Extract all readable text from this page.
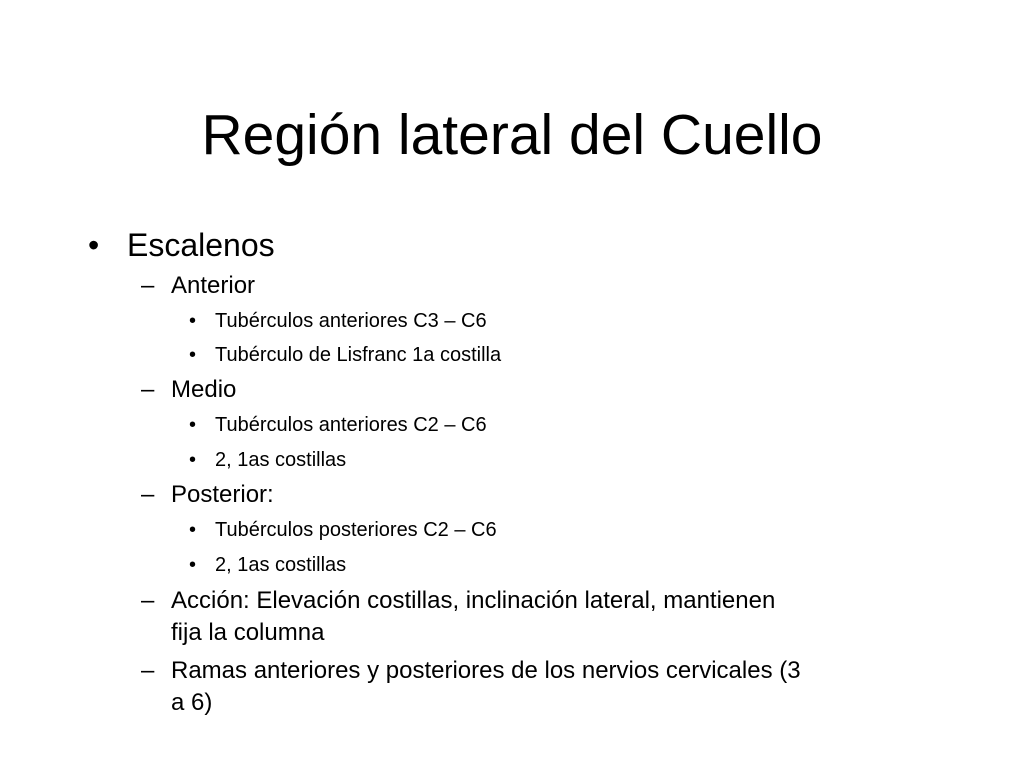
Región lateral del Cuello
• Escalenos
– Anterior
• Tubérculos anteriores C3 – C6
• Tubérculo de Lisfranc 1a costilla
– Medio
• Tubérculos anteriores C2 – C6
• 2, 1as costillas
– Posterior:
• Tubérculos posteriores C2 – C6
• 2, 1as costillas
– Acción: Elevación costillas, inclinación lateral, mantienen
fija la columna
– Ramas anteriores y posteriores de los nervios cervicales (3
a 6)
